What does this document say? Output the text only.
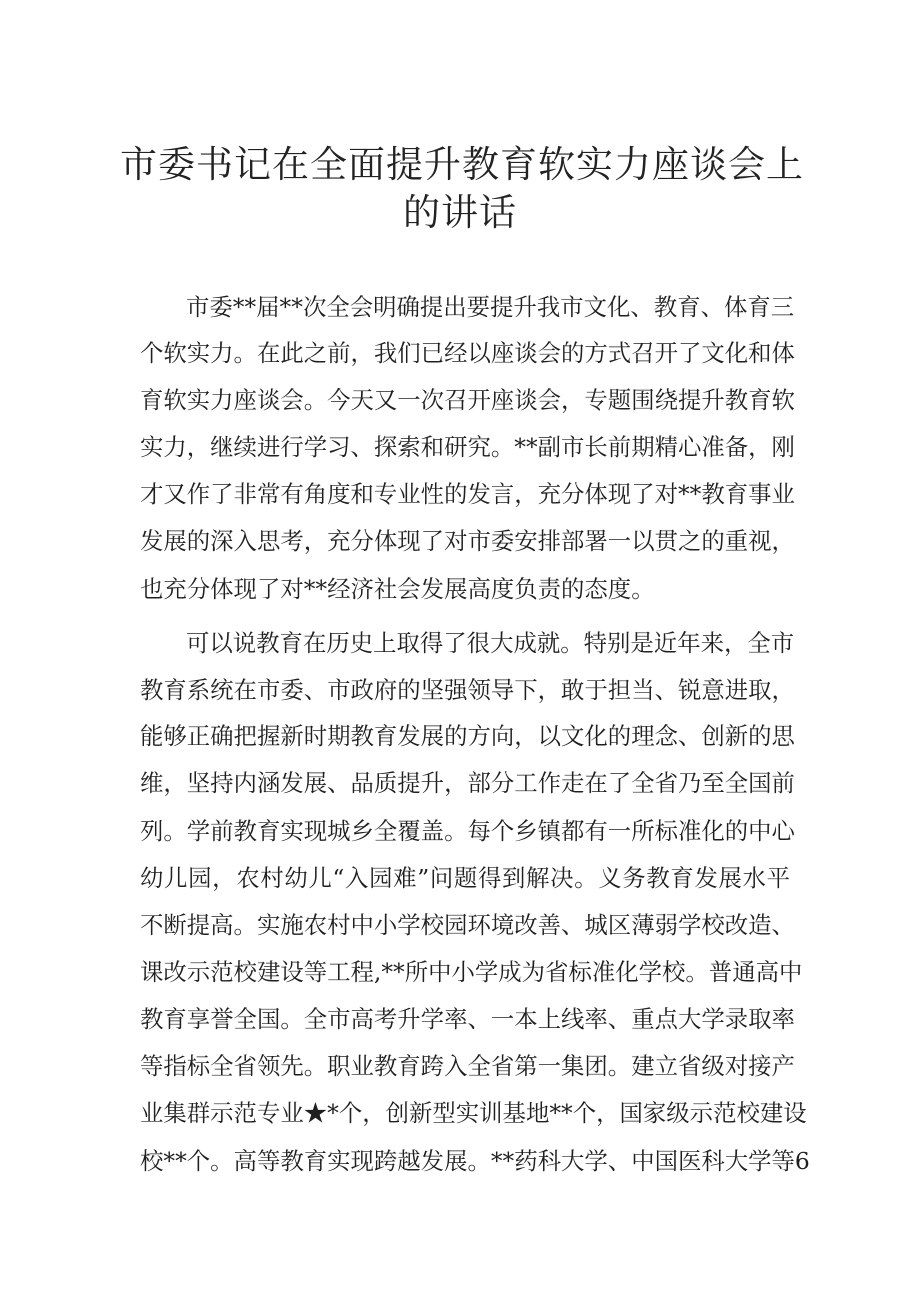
市委书记在全面提升教育软实力座谈会上
的讲话
市委**届**次全会明确提出要提升我市文化、教育、体育三
个软实力。在此之前，我们已经以座谈会的方式召开了文化和体
育软实力座谈会。今天又一次召开座谈会，专题围绕提升教育软
实力，继续进行学习、探索和研究。**副市长前期精心准备，刚
才又作了非常有角度和专业性的发言，充分体现了对**教育事业
发展的深入思考，充分体现了对市委安排部署一以贯之的重视，
也充分体现了对**经济社会发展高度负责的态度。
可以说教育在历史上取得了很大成就。特别是近年来，全市
教育系统在市委、市政府的坚强领导下，敢于担当、锐意进取，
能够正确把握新时期教育发展的方向，以文化的理念、创新的思
维，坚持内涵发展、品质提升，部分工作走在了全省乃至全国前
列。学前教育实现城乡全覆盖。每个乡镇都有一所标准化的中心
幼儿园，农村幼儿“入园难”问题得到解决。义务教育发展水平
不断提高。实施农村中小学校园环境改善、城区薄弱学校改造、
课改示范校建设等工程,**所中小学成为省标准化学校。普通高中
教育享誉全国。全市高考升学率、一本上线率、重点大学录取率
等指标全省领先。职业教育跨入全省第一集团。建立省级对接产
业集群示范专业★*个，创新型实训基地**个，国家级示范校建设
校**个。高等教育实现跨越发展。**药科大学、中国医科大学等6
